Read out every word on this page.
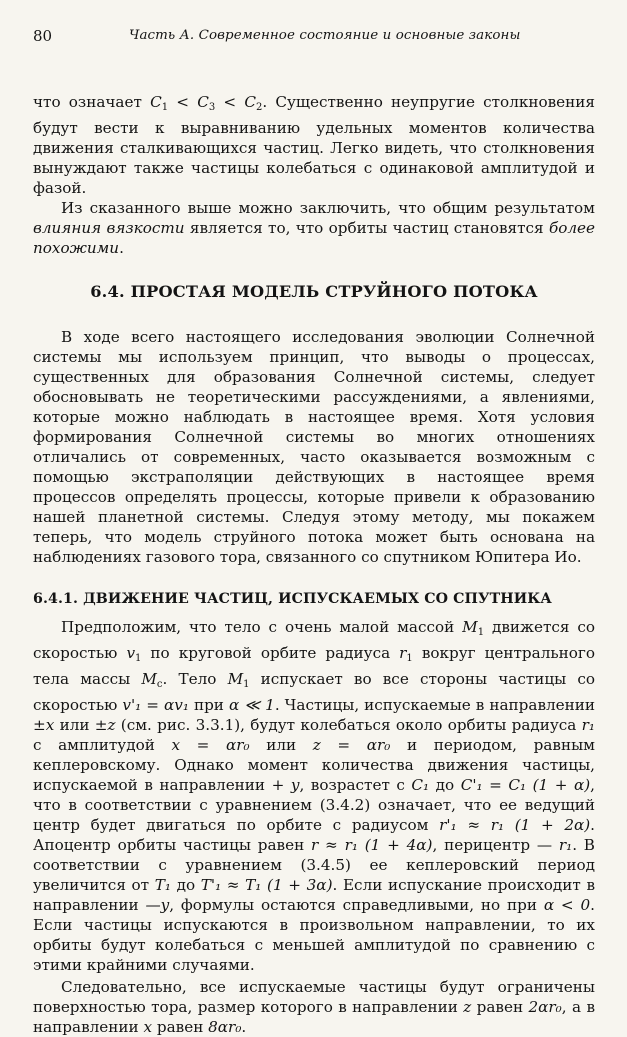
80	Часть А. Современное состояние и основные законы

что означает $C_1 < C_3 < C_2$. Существенно неупругие столкновения будут вести к выравниванию удельных моментов количества движения сталкивающихся частиц. Легко видеть, что столкновения вынуждают также частицы колебаться с одинаковой амплитудой и фазой.

Из сказанного выше можно заключить, что общим результатом влияния вязкости является то, что орбиты частиц становятся более похожими.

6.4. ПРОСТАЯ МОДЕЛЬ СТРУЙНОГО ПОТОКА

В ходе всего настоящего исследования эволюции Солнечной системы мы используем принцип, что выводы о процессах, существенных для образования Солнечной системы, следует обосновывать не теоретическими рассуждениями, а явлениями, которые можно наблюдать в настоящее время. Хотя условия формирования Солнечной системы во многих отношениях отличались от современных, часто оказывается возможным с помощью экстраполяции действующих в настоящее время процессов определять процессы, которые привели к образованию нашей планетной системы. Следуя этому методу, мы покажем теперь, что модель струйного потока может быть основана на наблюдениях газового тора, связанного со спутником Юпитера Ио.

6.4.1. ДВИЖЕНИЕ ЧАСТИЦ, ИСПУСКАЕМЫХ СО СПУТНИКА

Предположим, что тело с очень малой массой $M_1$ движется со скоростью $v_1$ по круговой орбите радиуса $r_1$ вокруг центрального тела массы $M_c$. Тело $M_1$ испускает во все стороны частицы со скоростью v'₁ = αv₁ при α ≪ 1. Частицы, испускаемые в направлении ±x или ±z (см. рис. 3.3.1), будут колебаться около орбиты радиуса r₁ с амплитудой x = αr₀ или z = αr₀ и периодом, равным кеплеровскому. Однако момент количества движения частицы, испускаемой в направлении + y, возрастет с C₁ до C'₁ = C₁ (1 + α), что в соответствии с уравнением (3.4.2) означает, что ее ведущий центр будет двигаться по орбите с радиусом r'₁ ≈ r₁ (1 + 2α). Апоцентр орбиты частицы равен r ≈ r₁ (1 + 4α), перицентр — r₁. В соответствии с уравнением (3.4.5) ее кеплеровский период увеличится от T₁ до T'₁ ≈ T₁ (1 + 3α). Если испускание происходит в направлении —y, формулы остаются справедливыми, но при α < 0. Если частицы испускаются в произвольном направлении, то их орбиты будут колебаться с меньшей амплитудой по сравнению с этими крайними случаями.

Следовательно, все испускаемые частицы будут ограничены поверхностью тора, размер которого в направлении z равен 2αr₀, а в направлении x равен 8αr₀.
